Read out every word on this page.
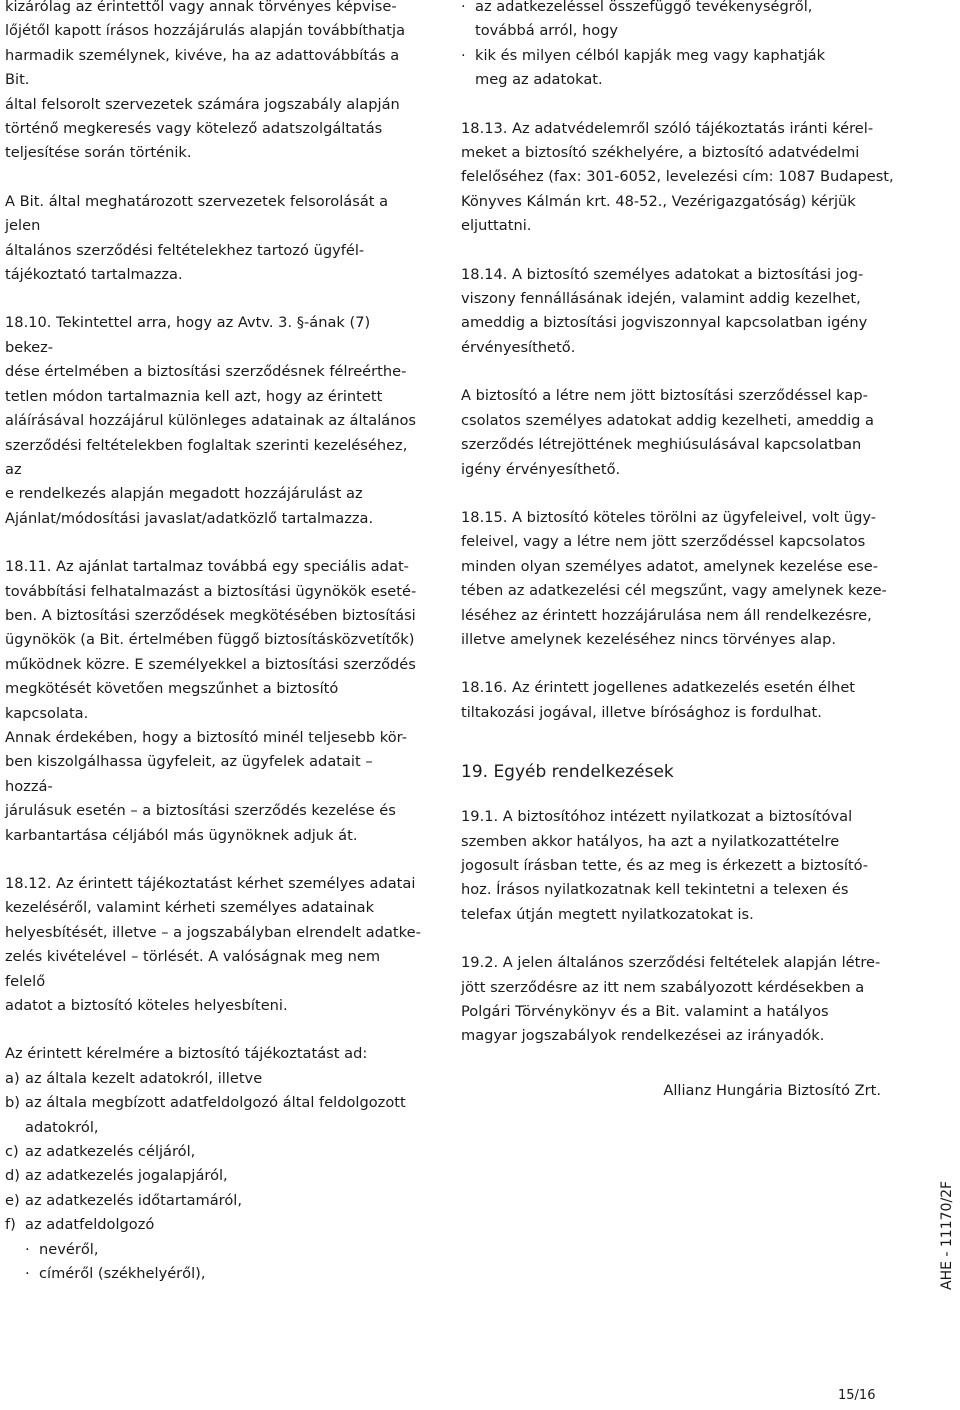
kizárólag az érintettől vagy annak törvényes képvise-
lőjétől kapott írásos hozzájárulás alapján továbbíthatja
harmadik személynek, kivéve, ha az adattovábbítás a Bit.
által felsorolt szervezetek számára jogszabály alapján
történő megkeresés vagy kötelező adatszolgáltatás
teljesítése során történik.

A Bit. által meghatározott szervezetek felsorolását a jelen
általános szerződési feltételekhez tartozó ügyfél-
tájékoztató tartalmazza.

18.10. Tekintettel arra, hogy az Avtv. 3. §-ának (7) bekez-
dése értelmében a biztosítási szerződésnek félreérthe-
tetlen módon tartalmaznia kell azt, hogy az érintett
aláírásával hozzájárul különleges adatainak az általános
szerződési feltételekben foglaltak szerinti kezeléséhez, az
e rendelkezés alapján megadott hozzájárulást az
Ajánlat/módosítási javaslat/adatközlő tartalmazza.

18.11. Az ajánlat tartalmaz továbbá egy speciális adat-
továbbítási felhatalmazást a biztosítási ügynökök eseté-
ben. A biztosítási szerződések megkötésében biztosítási
ügynökök (a Bit. értelmében függő biztosításközvetítők)
működnek közre. E személyekkel a biztosítási szerződés
megkötését követően megszűnhet a biztosító kapcsolata.
Annak érdekében, hogy a biztosító minél teljesebb kör-
ben kiszolgálhassa ügyfeleit, az ügyfelek adatait – hozzá-
járulásuk esetén – a biztosítási szerződés kezelése és
karbantartása céljából más ügynöknek adjuk át.

18.12. Az érintett tájékoztatást kérhet személyes adatai
kezeléséről, valamint kérheti személyes adatainak
helyesbítését, illetve – a jogszabályban elrendelt adatke-
zelés kivételével – törlését. A valóságnak meg nem felelő
adatot a biztosító köteles helyesbíteni.

Az érintett kérelmére a biztosító tájékoztatást ad:

a) az általa kezelt adatokról, illetve
b) az általa megbízott adatfeldolgozó által feldolgozott
adatokról,
c) az adatkezelés céljáról,
d) az adatkezelés jogalapjáról,
e) az adatkezelés időtartamáról,
f) az adatfeldolgozó
· nevéről,
· címéről (székhelyéről),
· az adatkezeléssel összefüggő tevékenységről,
továbbá arról, hogy
· kik és milyen célból kapják meg vagy kaphatják
meg az adatokat.

18.13. Az adatvédelemről szóló tájékoztatás iránti kérel-
meket a biztosító székhelyére, a biztosító adatvédelmi
felelőséhez (fax: 301-6052, levelezési cím: 1087 Budapest,
Könyves Kálmán krt. 48-52., Vezérigazgatóság) kérjük
eljuttatni.

18.14. A biztosító személyes adatokat a biztosítási jog-
viszony fennállásának idején, valamint addig kezelhet,
ameddig a biztosítási jogviszonnyal kapcsolatban igény
érvényesíthető.

A biztosító a létre nem jött biztosítási szerződéssel kap-
csolatos személyes adatokat addig kezelheti, ameddig a
szerződés létrejöttének meghiúsulásával kapcsolatban
igény érvényesíthető.

18.15. A biztosító köteles törölni az ügyfeleivel, volt ügy-
feleivel, vagy a létre nem jött szerződéssel kapcsolatos
minden olyan személyes adatot, amelynek kezelése ese-
tében az adatkezelési cél megszűnt, vagy amelynek keze-
léséhez az érintett hozzájárulása nem áll rendelkezésre,
illetve amelynek kezeléséhez nincs törvényes alap.

18.16. Az érintett jogellenes adatkezelés esetén élhet
tiltakozási jogával, illetve bírósághoz is fordulhat.

19. Egyéb rendelkezések

19.1. A biztosítóhoz intézett nyilatkozat a biztosítóval
szemben akkor hatályos, ha azt a nyilatkozattételre
jogosult írásban tette, és az meg is érkezett a biztosító-
hoz. Írásos nyilatkozatnak kell tekintetni a telexen és
telefax útján megtett nyilatkozatokat is.

19.2. A jelen általános szerződési feltételek alapján létre-
jött szerződésre az itt nem szabályozott kérdésekben a
Polgári Törvénykönyv és a Bit. valamint a hatályos
magyar jogszabályok rendelkezései az irányadók.

Allianz Hungária Biztosító Zrt.

AHE - 11170/2F
15/16
